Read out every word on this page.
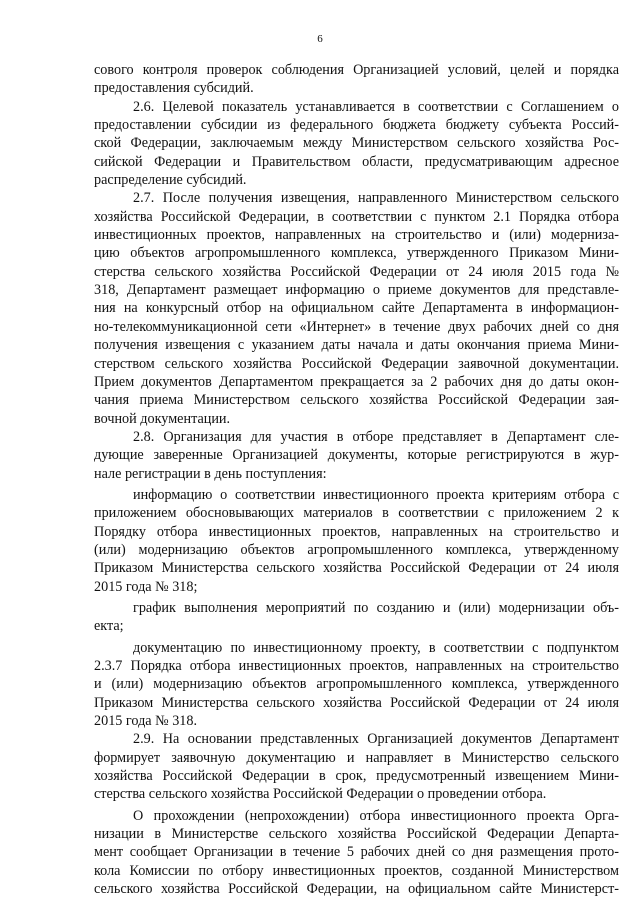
6
сового контроля проверок соблюдения Организацией условий, целей и порядка
предоставления субсидий.
2.6. Целевой показатель устанавливается в соответствии с Соглашением о
предоставлении субсидии из федерального бюджета бюджету субъекта Россий-
ской Федерации, заключаемым между Министерством сельского хозяйства Рос-
сийской Федерации и Правительством области, предусматривающим адресное
распределение субсидий.
2.7. После получения извещения, направленного Министерством сельского
хозяйства Российской Федерации, в соответствии с пунктом 2.1 Порядка отбора
инвестиционных проектов, направленных на строительство и (или) модерниза-
цию объектов агропромышленного комплекса, утвержденного Приказом Мини-
стерства сельского хозяйства Российской Федерации от 24 июля 2015 года №
318, Департамент размещает информацию о приеме документов для представле-
ния на конкурсный отбор на официальном сайте Департамента в информацион-
но-телекоммуникационной сети «Интернет» в течение двух рабочих дней со дня
получения извещения с указанием даты начала и даты окончания приема Мини-
стерством сельского хозяйства Российской Федерации заявочной документации.
Прием документов Департаментом прекращается за 2 рабочих дня до даты окон-
чания приема Министерством сельского хозяйства Российской Федерации зая-
вочной документации.
2.8. Организация для участия в отборе представляет в Департамент сле-
дующие заверенные Организацией документы, которые регистрируются в жур-
нале регистрации в день поступления:
информацию о соответствии инвестиционного проекта критериям отбора с
приложением обосновывающих материалов в соответствии с приложением 2 к
Порядку отбора инвестиционных проектов, направленных на строительство и
(или) модернизацию объектов агропромышленного комплекса, утвержденному
Приказом Министерства сельского хозяйства Российской Федерации от 24 июля
2015 года № 318;
график выполнения мероприятий по созданию и (или) модернизации объ-
екта;
документацию по инвестиционному проекту, в соответствии с подпунктом
2.3.7 Порядка отбора инвестиционных проектов, направленных на строительство
и (или) модернизацию объектов агропромышленного комплекса, утвержденного
Приказом Министерства сельского хозяйства Российской Федерации от 24 июля
2015 года № 318.
2.9. На основании представленных Организацией документов Департамент
формирует заявочную документацию и направляет в Министерство сельского
хозяйства Российской Федерации в срок, предусмотренный извещением Мини-
стерства сельского хозяйства Российской Федерации о проведении отбора.
О прохождении (непрохождении) отбора инвестиционного проекта Орга-
низации в Министерстве сельского хозяйства Российской Федерации Департа-
мент сообщает Организации в течение 5 рабочих дней со дня размещения прото-
кола Комиссии по отбору инвестиционных проектов, созданной Министерством
сельского хозяйства Российской Федерации, на официальном сайте Министерст-
